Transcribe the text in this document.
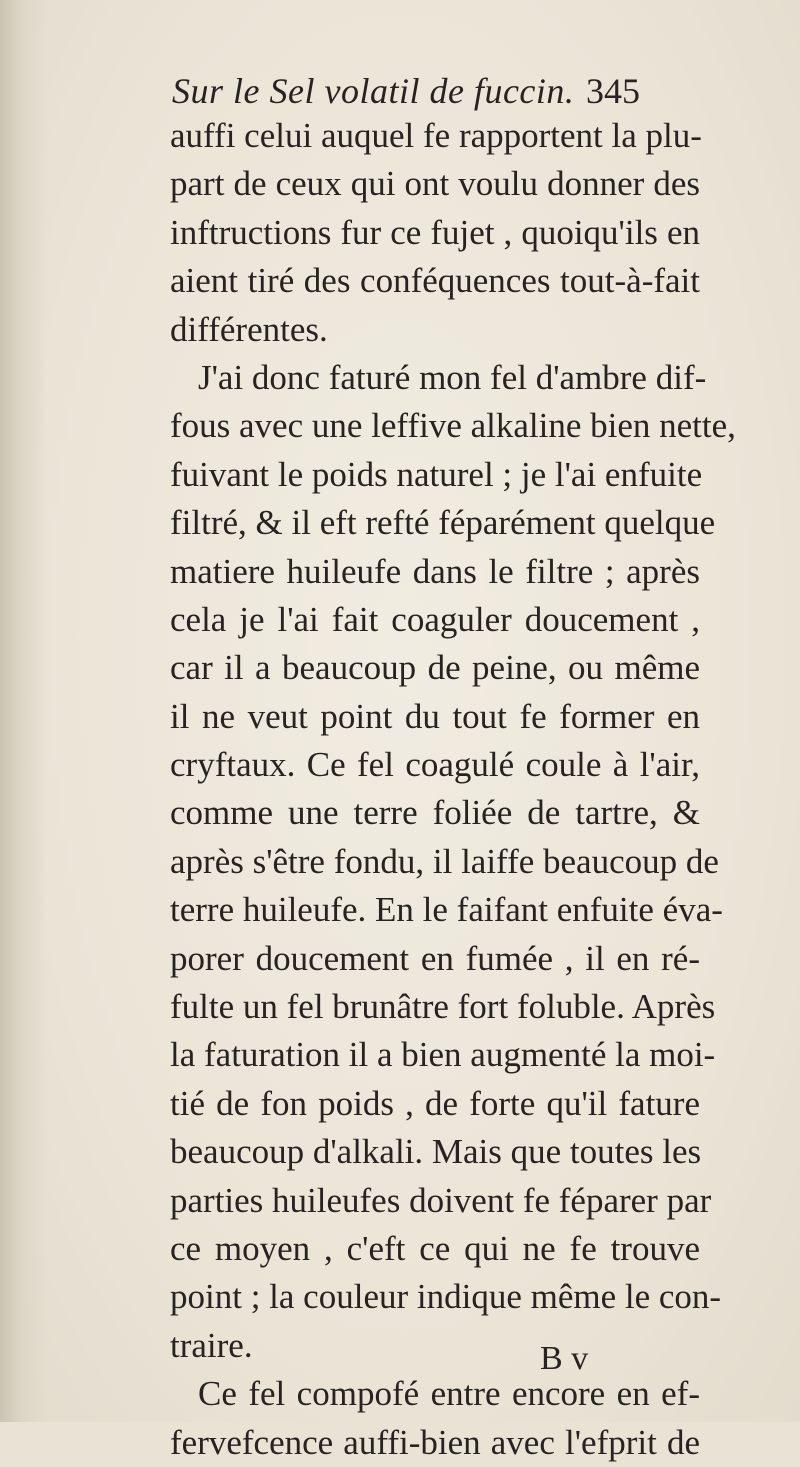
Sur le Sel volatil de fuccin. 345
auffi celui auquel fe rapportent la plu-
part de ceux qui ont voulu donner des
inftructions fur ce fujet , quoiqu'ils en
aient tiré des conféquences tout-à-fait
différentes.
J'ai donc faturé mon fel d'ambre dif-
fous avec une leffive alkaline bien nette,
fuivant le poids naturel ; je l'ai enfuite
filtré, & il eft refté féparément quelque
matiere huileufe dans le filtre ; après
cela je l'ai fait coaguler doucement ,
car il a beaucoup de peine, ou même
il ne veut point du tout fe former en
cryftaux. Ce fel coagulé coule à l'air,
comme une terre foliée de tartre, &
après s'être fondu, il laiffe beaucoup de
terre huileufe. En le faifant enfuite éva-
porer doucement en fumée , il en ré-
fulte un fel brunâtre fort foluble. Après
la faturation il a bien augmenté la moi-
tié de fon poids , de forte qu'il fature
beaucoup d'alkali. Mais que toutes les
parties huileufes doivent fe féparer par
ce moyen , c'eft ce qui ne fe trouve
point ; la couleur indique même le con-
traire.
Ce fel compofé entre encore en ef-
fervefcence auffi-bien avec l'efprit de
B v
